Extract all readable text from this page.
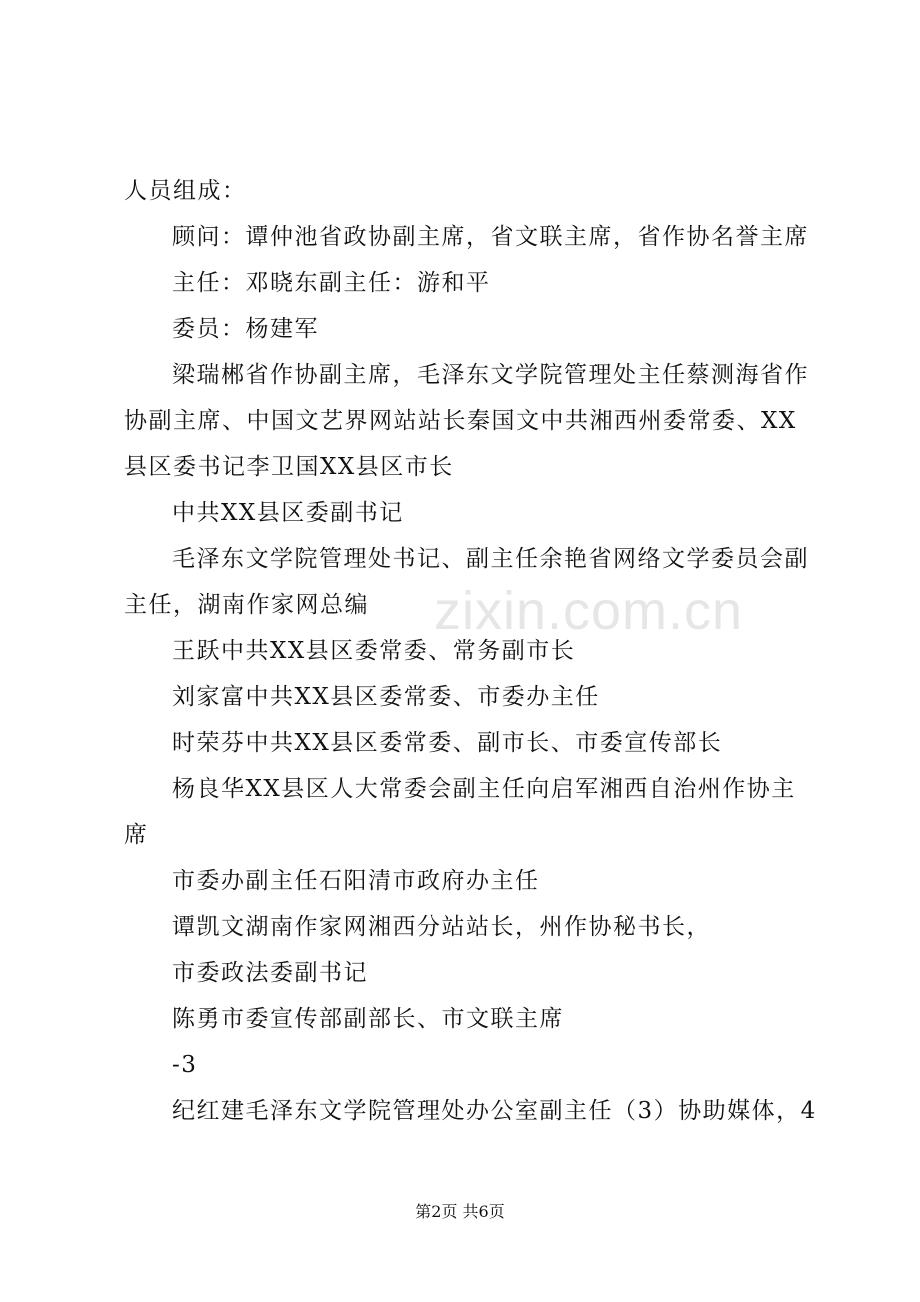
人员组成：
顾问：谭仲池省政协副主席，省文联主席，省作协名誉主席
主任：邓晓东副主任：游和平
委员：杨建军
梁瑞郴省作协副主席，毛泽东文学院管理处主任蔡测海省作
协副主席、中国文艺界网站站长秦国文中共湘西州委常委、XX
县区委书记李卫国XX县区市长
中共XX县区委副书记
毛泽东文学院管理处书记、副主任余艳省网络文学委员会副
主任，湖南作家网总编
王跃中共XX县区委常委、常务副市长
刘家富中共XX县区委常委、市委办主任
时荣芬中共XX县区委常委、副市长、市委宣传部长
杨良华XX县区人大常委会副主任向启军湘西自治州作协主
席
市委办副主任石阳清市政府办主任
谭凯文湖南作家网湘西分站站长，州作协秘书长，
市委政法委副书记
陈勇市委宣传部副部长、市文联主席
-3
纪红建毛泽东文学院管理处办公室副主任（3）协助媒体，4
zixin.com.cn
第2页 共6页
